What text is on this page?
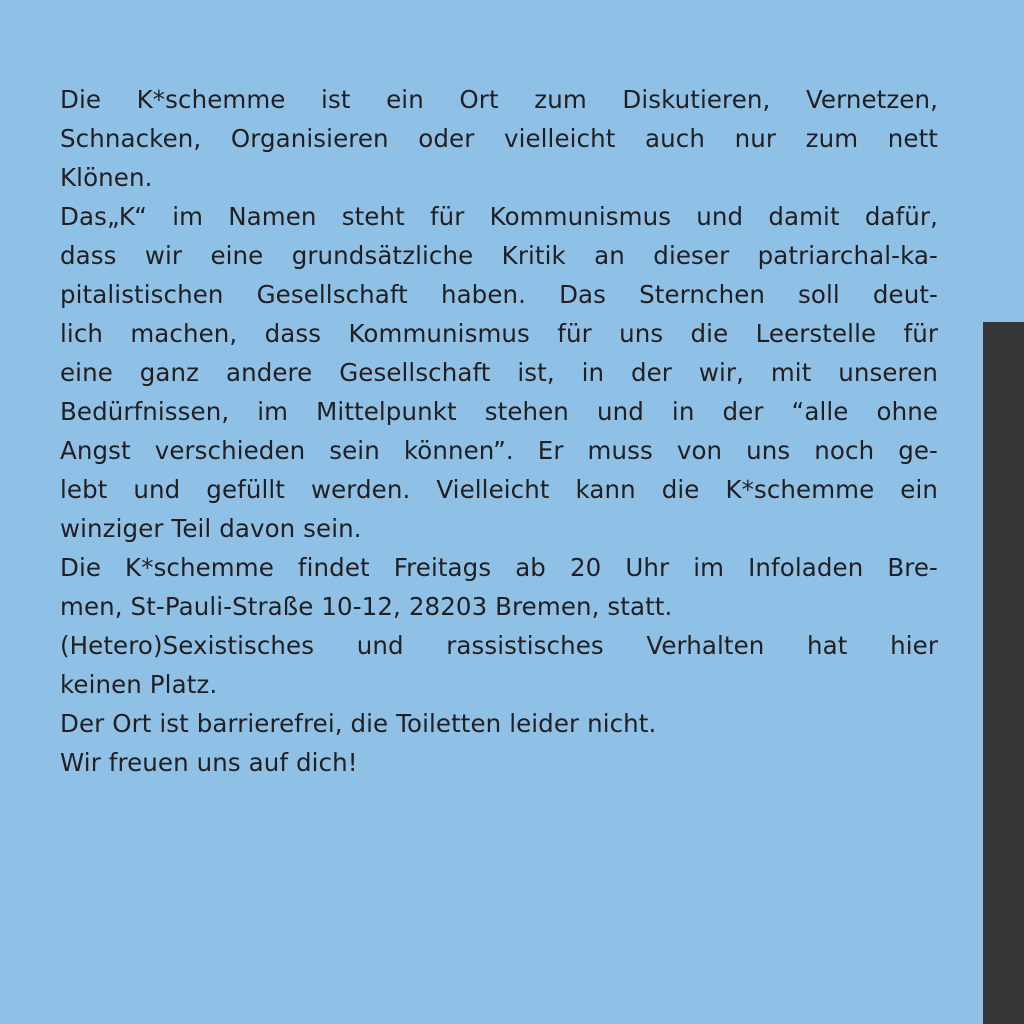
Die K*schemme ist ein Ort zum Diskutieren, Vernetzen,
Schnacken, Organisieren oder vielleicht auch nur zum nett
Klönen.
Das„K“ im Namen steht für Kommunismus und damit dafür,
dass wir eine grundsätzliche Kritik an dieser patriarchal-ka-
pitalistischen Gesellschaft haben. Das Sternchen soll deut-
lich machen, dass Kommunismus für uns die Leerstelle für
eine ganz andere Gesellschaft ist, in der wir, mit unseren
Bedürfnissen, im Mittelpunkt stehen und in der “alle ohne
Angst verschieden sein können”. Er muss von uns noch ge-
lebt und gefüllt werden. Vielleicht kann die K*schemme ein
winziger Teil davon sein.
Die K*schemme findet Freitags ab 20 Uhr im Infoladen Bre-
men, St-Pauli-Straße 10-12, 28203 Bremen, statt.
(Hetero)Sexistisches und rassistisches Verhalten hat hier
keinen Platz.
Der Ort ist barrierefrei, die Toiletten leider nicht.
Wir freuen uns auf dich!
